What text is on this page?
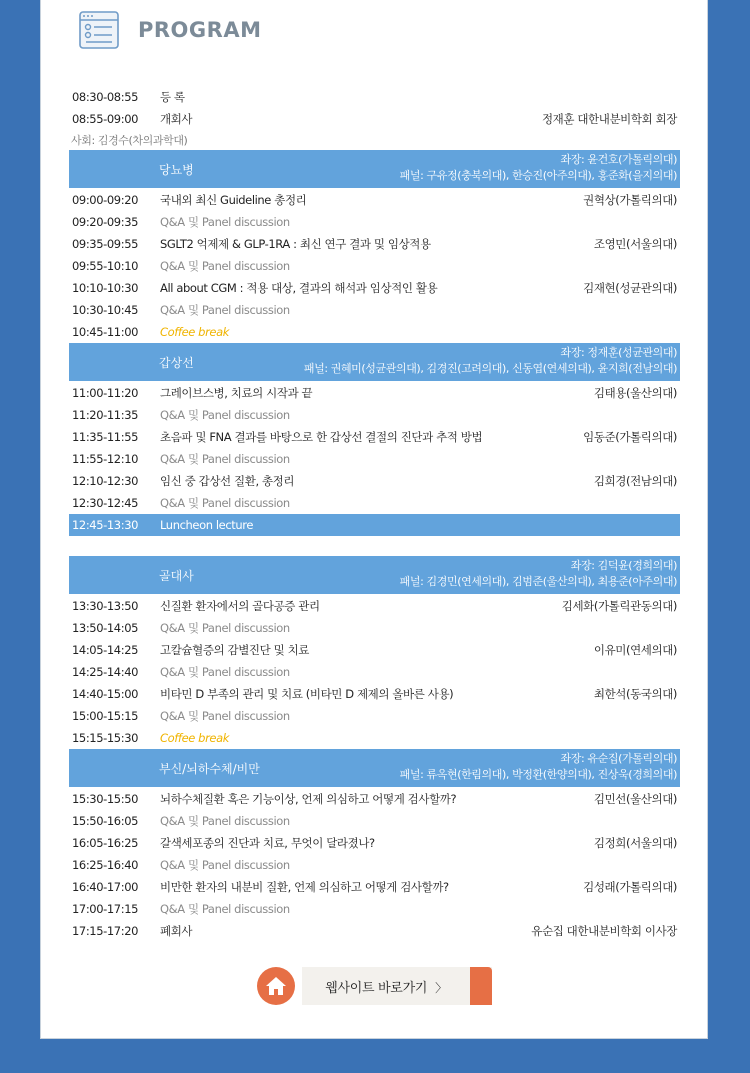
PROGRAM
08:30-08:55	등 록
08:55-09:00	개회사	정재훈 대한내분비학회 회장
사회: 김경수(차의과학대)
당뇨병
좌장: 윤건호(가톨릭의대)
패널: 구유정(충북의대), 한승진(아주의대), 홍준화(을지의대)
09:00-09:20	국내외 최신 Guideline 총정리	권혁상(가톨릭의대)
09:20-09:35	Q&A 및 Panel discussion
09:35-09:55	SGLT2 억제제 & GLP-1RA : 최신 연구 결과 및 임상적용	조영민(서울의대)
09:55-10:10	Q&A 및 Panel discussion
10:10-10:30	All about CGM : 적용 대상, 결과의 해석과 임상적인 활용	김재현(성균관의대)
10:30-10:45	Q&A 및 Panel discussion
10:45-11:00	Coffee break
갑상선
좌장: 정재훈(성균관의대)
패널: 권혜미(성균관의대), 김경진(고려의대), 신동엽(연세의대), 윤지희(전남의대)
11:00-11:20	그레이브스병, 치료의 시작과 끝	김태용(울산의대)
11:20-11:35	Q&A 및 Panel discussion
11:35-11:55	초음파 및 FNA 결과를 바탕으로 한 갑상선 결절의 진단과 추적 방법	임동준(가톨릭의대)
11:55-12:10	Q&A 및 Panel discussion
12:10-12:30	임신 중 갑상선 질환, 총정리	김희경(전남의대)
12:30-12:45	Q&A 및 Panel discussion
12:45-13:30	Luncheon lecture
골대사
좌장: 김덕윤(경희의대)
패널: 김경민(연세의대), 김범준(울산의대), 최용준(아주의대)
13:30-13:50	신질환 환자에서의 골다공증 관리	김세화(가톨릭관동의대)
13:50-14:05	Q&A 및 Panel discussion
14:05-14:25	고칼슘혈증의 감별진단 및 치료	이유미(연세의대)
14:25-14:40	Q&A 및 Panel discussion
14:40-15:00	비타민 D 부족의 관리 및 치료 (비타민 D 제제의 올바른 사용)	최한석(동국의대)
15:00-15:15	Q&A 및 Panel discussion
15:15-15:30	Coffee break
부신/뇌하수체/비만
좌장: 유순집(가톨릭의대)
패널: 류옥현(한림의대), 박정환(한양의대), 진상욱(경희의대)
15:30-15:50	뇌하수체질환 혹은 기능이상, 언제 의심하고 어떻게 검사할까?	김민선(울산의대)
15:50-16:05	Q&A 및 Panel discussion
16:05-16:25	갈색세포종의 진단과 치료, 무엇이 달라졌나?	김정희(서울의대)
16:25-16:40	Q&A 및 Panel discussion
16:40-17:00	비만한 환자의 내분비 질환, 언제 의심하고 어떻게 검사할까?	김성래(가톨릭의대)
17:00-17:15	Q&A 및 Panel discussion
17:15-17:20	폐회사	유순집 대한내분비학회 이사장
웹사이트 바로가기 〉
